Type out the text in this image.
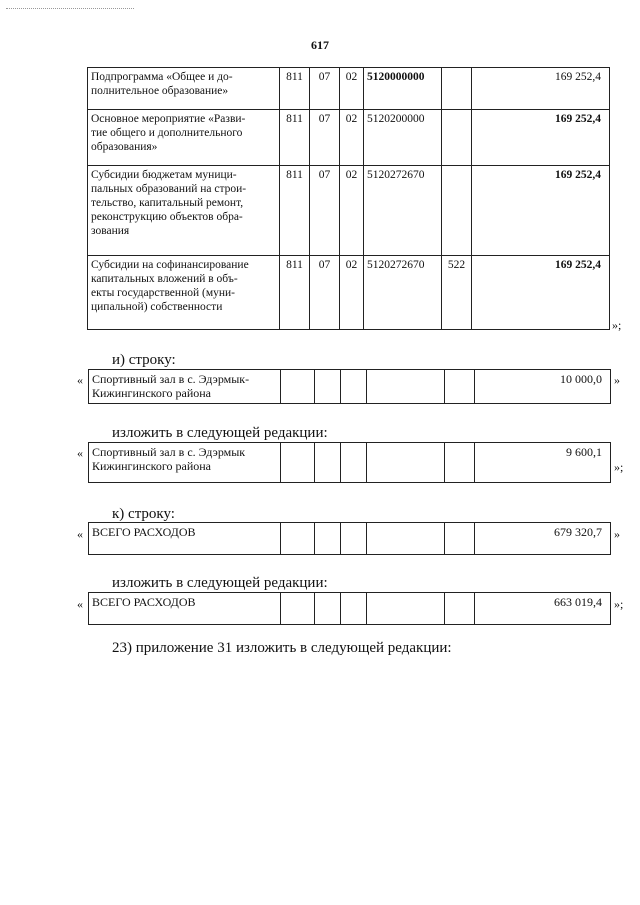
617
Подпрограмма «Общее и до-
полнительное образование»	811	07	02	5120000000		169 252,4
Основное мероприятие «Разви-
тие общего и дополнительного
образования»	811	07	02	5120200000		169 252,4
Субсидии бюджетам муници-
пальных образований на строи-
тельство, капитальный ремонт,
реконструкцию объектов обра-
зования	811	07	02	5120272670		169 252,4
Субсидии на софинансирование
капитальных вложений в объ-
екты государственной (муни-
ципальной) собственности	811	07	02	5120272670	522	169 252,4
»;
и) строку:
« Спортивный зал в с. Эдэрмык-
Кижингинского района						10 000,0 »
изложить в следующей редакции:
« Спортивный зал в с. Эдэрмык
Кижингинского района						9 600,1
»;
к) строку:
« ВСЕГО РАСХОДОВ						679 320,7 »
изложить в следующей редакции:
« ВСЕГО РАСХОДОВ						663 019,4 »;
23) приложение 31 изложить в следующей редакции:
